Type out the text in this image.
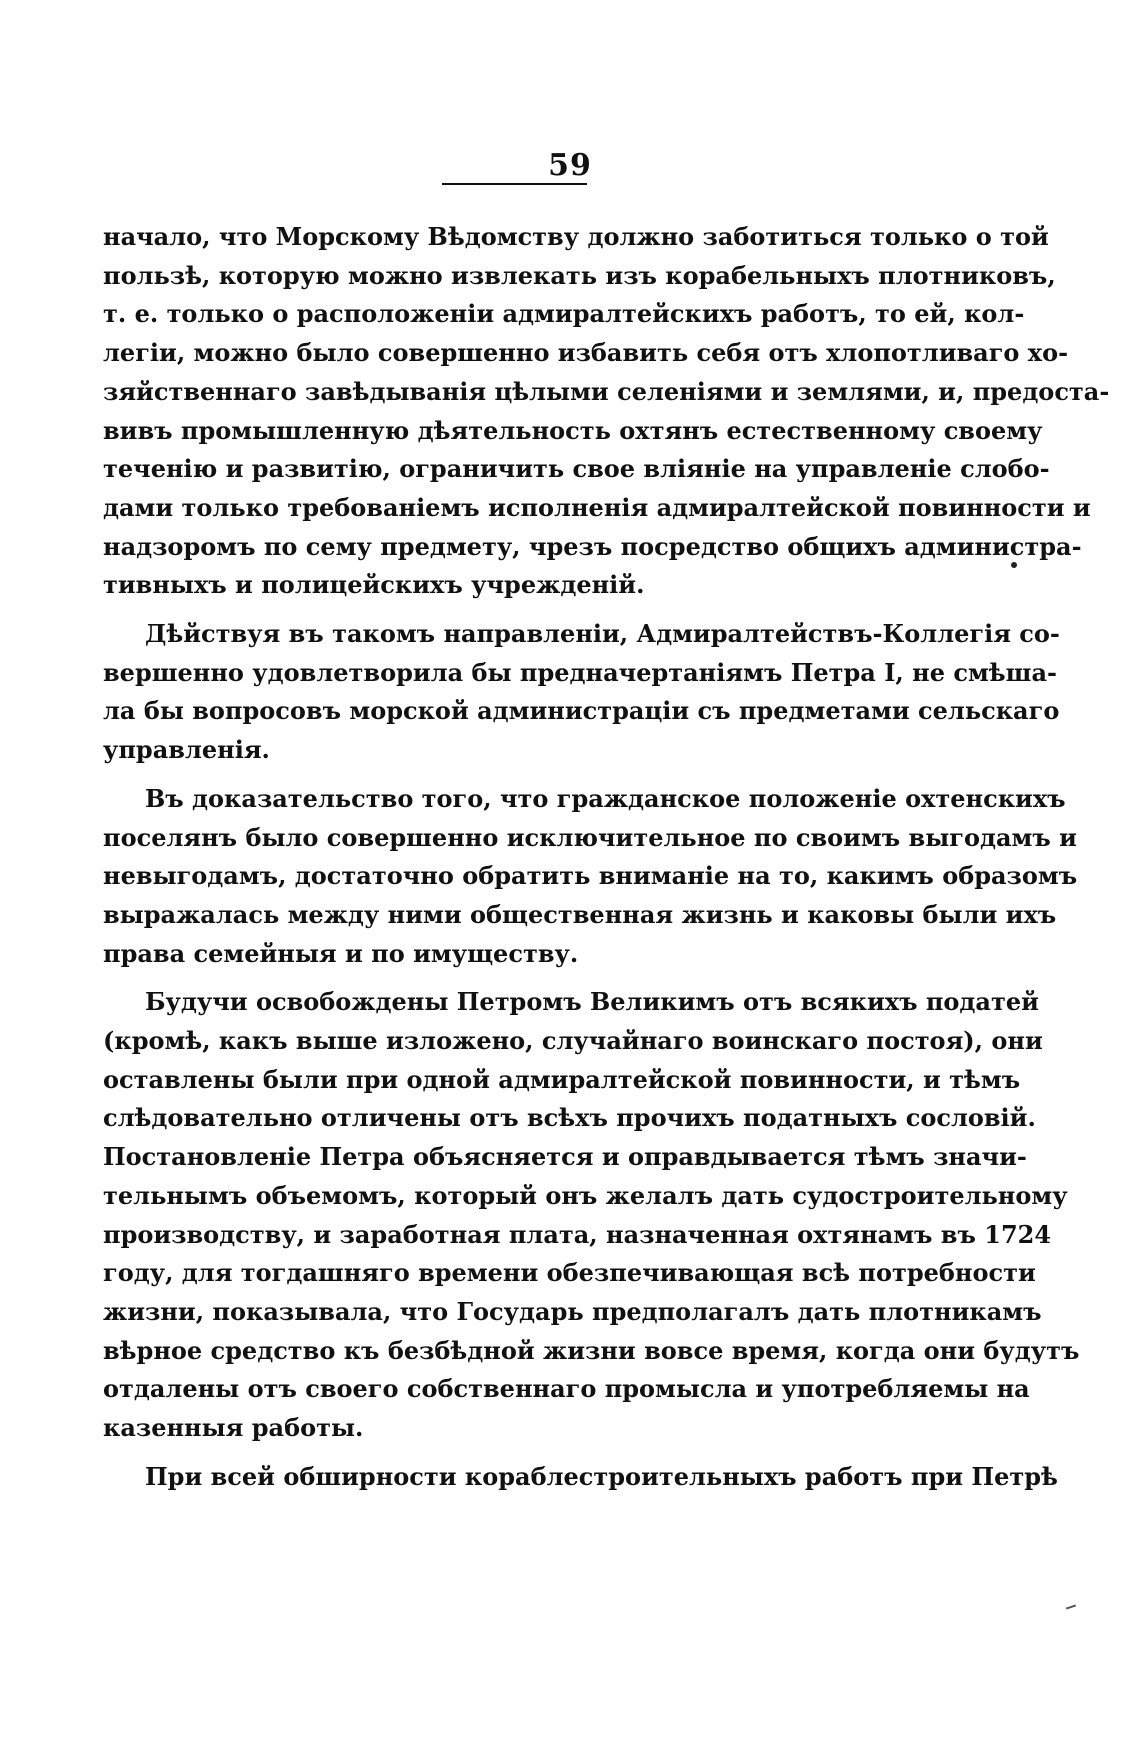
59
начало, что Морскому Вѣдомству должно заботиться только о той
пользѣ, которую можно извлекать изъ корабельныхъ плотниковъ,
т. е. только о расположеніи адмиралтейскихъ работъ, то ей, кол-
легіи, можно было совершенно избавить себя отъ хлопотливаго хо-
зяйственнаго завѣдыванія цѣлыми селеніями и землями, и, предоста-
вивъ промышленную дѣятельность охтянъ естественному своему
теченію и развитію, ограничить свое вліяніе на управленіе слобо-
дами только требованіемъ исполненія адмиралтейской повинности и
надзоромъ по сему предмету, чрезъ посредство общихъ администра-
тивныхъ и полицейскихъ учрежденій.
Дѣйствуя въ такомъ направленіи, Адмиралтействъ-Коллегія со-
вершенно удовлетворила бы предначертаніямъ Петра I, не смѣша-
ла бы вопросовъ морской администраціи съ предметами сельскаго
управленія.
Въ доказательство того, что гражданское положеніе охтенскихъ
поселянъ было совершенно исключительное по своимъ выгодамъ и
невыгодамъ, достаточно обратить вниманіе на то, какимъ образомъ
выражалась между ними общественная жизнь и каковы были ихъ
права семейныя и по имуществу.
Будучи освобождены Петромъ Великимъ отъ всякихъ податей
(кромѣ, какъ выше изложено, случайнаго воинскаго постоя), они
оставлены были при одной адмиралтейской повинности, и тѣмъ
слѣдовательно отличены отъ всѣхъ прочихъ податныхъ сословій.
Постановленіе Петра объясняется и оправдывается тѣмъ значи-
тельнымъ объемомъ, который онъ желалъ дать судостроительному
производству, и заработная плата, назначенная охтянамъ въ 1724
году, для тогдашняго времени обезпечивающая всѣ потребности
жизни, показывала, что Государь предполагалъ дать плотникамъ
вѣрное средство къ безбѣдной жизни вовсе время, когда они будутъ
отдалены отъ своего собственнаго промысла и употребляемы на
казенныя работы.
При всей обширности кораблестроительныхъ работъ при Петрѣ
